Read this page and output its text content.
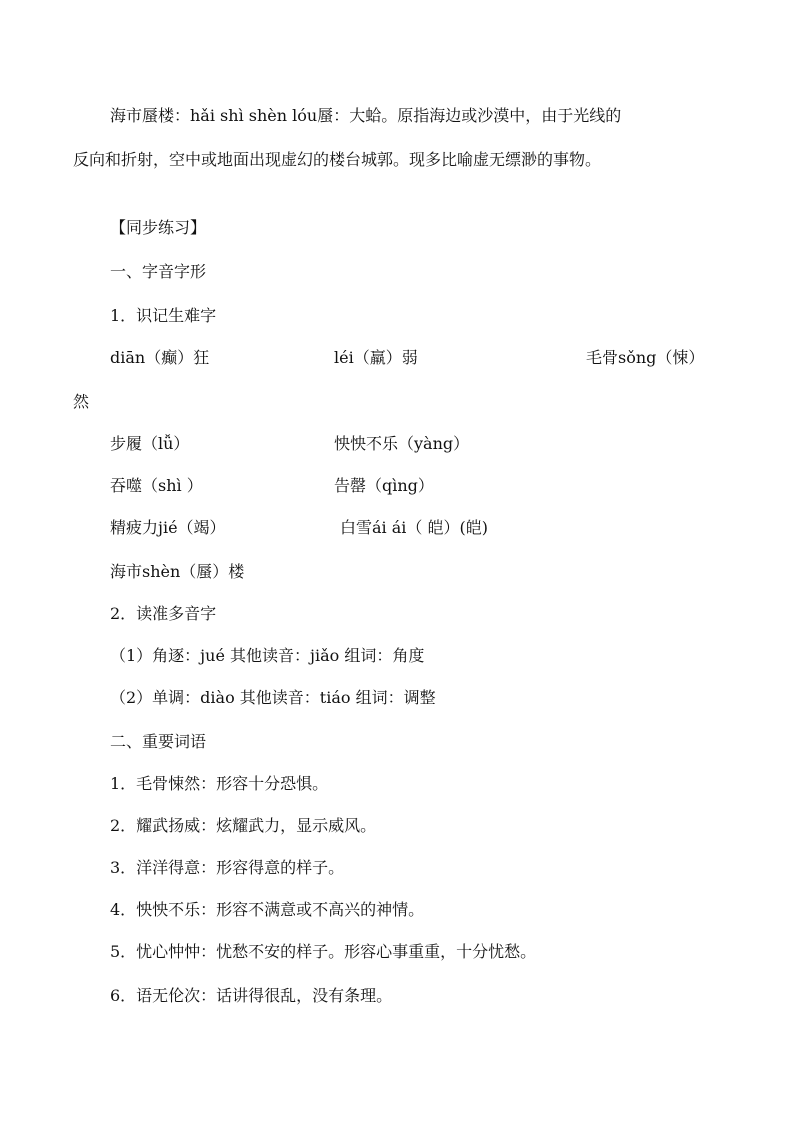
海市蜃楼：hǎi shì shèn lóu蜃：大蛤。原指海边或沙漠中，由于光线的
反向和折射，空中或地面出现虚幻的楼台城郭。现多比喻虚无缥渺的事物。
【同步练习】
一、字音字形
1．识记生难字
diān（癫）狂	léi（羸）弱	毛骨sǒng（悚）
然
步履（lǚ）	怏怏不乐（yàng）
吞噬（shì ）	告罄（qìng）
精疲力jié（竭）	白雪ái ái（ 皑）(皑)
海市shèn（蜃）楼
2．读准多音字
（1）角逐：jué 其他读音：jiǎo 组词：角度
（2）单调：diào 其他读音：tiáo 组词：调整
二、重要词语
1．毛骨悚然：形容十分恐惧。
2．耀武扬威：炫耀武力，显示威风。
3．洋洋得意：形容得意的样子。
4．怏怏不乐：形容不满意或不高兴的神情。
5．忧心忡忡：忧愁不安的样子。形容心事重重，十分忧愁。
6．语无伦次：话讲得很乱，没有条理。
